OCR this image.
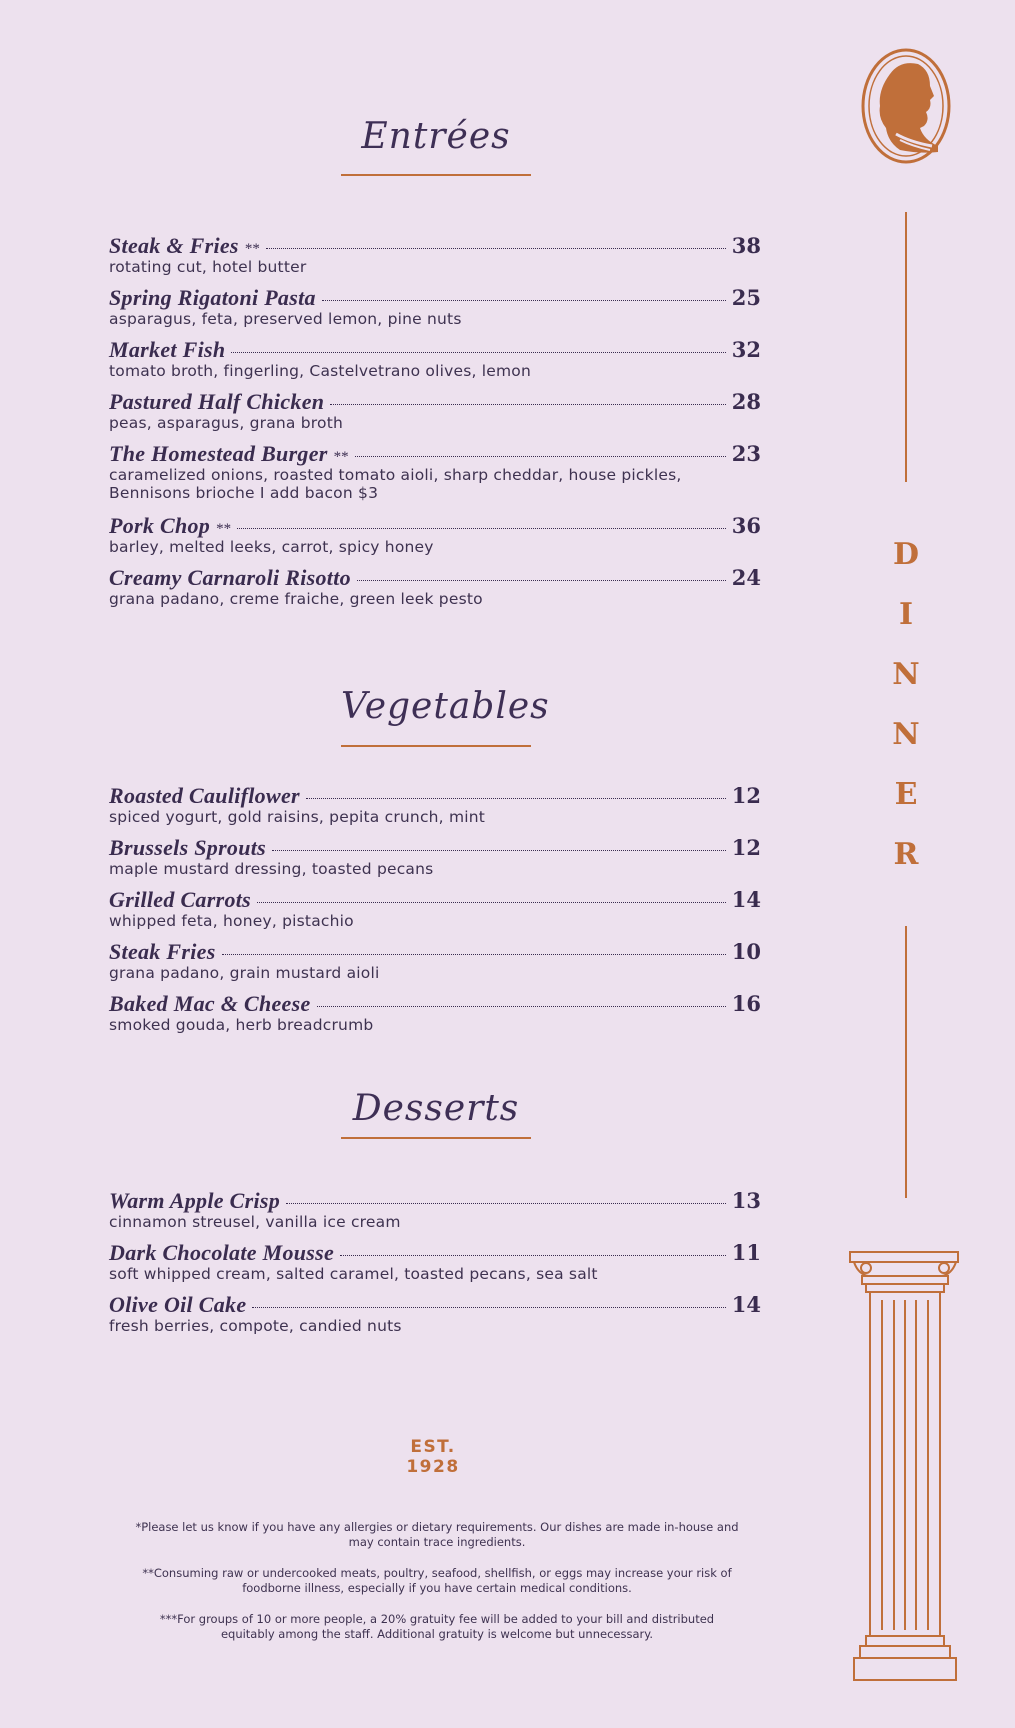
D
I
N
N
E
R
Entrées
Steak & Fries **	38
rotating cut, hotel butter
Spring Rigatoni Pasta	25
asparagus, feta, preserved lemon, pine nuts
Market Fish	32
tomato broth, fingerling, Castelvetrano olives, lemon
Pastured Half Chicken	28
peas, asparagus, grana broth
The Homestead Burger **	23
caramelized onions, roasted tomato aioli, sharp cheddar, house pickles,
Bennisons brioche I add bacon $3
Pork Chop **	36
barley, melted leeks, carrot, spicy honey
Creamy Carnaroli Risotto	24
grana padano, creme fraiche, green leek pesto
Vegetables
Roasted Cauliflower	12
spiced yogurt, gold raisins, pepita crunch, mint
Brussels Sprouts	12
maple mustard dressing, toasted pecans
Grilled Carrots	14
whipped feta, honey, pistachio
Steak Fries	10
grana padano, grain mustard aioli
Baked Mac & Cheese	16
smoked gouda, herb breadcrumb
Desserts
Warm Apple Crisp	13
cinnamon streusel, vanilla ice cream
Dark Chocolate Mousse	11
soft whipped cream, salted caramel, toasted pecans, sea salt
Olive Oil Cake	14
fresh berries, compote, candied nuts
EST. 1928
*Please let us know if you have any allergies or dietary requirements. Our dishes are made in-house and
may contain trace ingredients.
**Consuming raw or undercooked meats, poultry, seafood, shellfish, or eggs may increase your risk of
foodborne illness, especially if you have certain medical conditions.
***For groups of 10 or more people, a 20% gratuity fee will be added to your bill and distributed
equitably among the staff. Additional gratuity is welcome but unnecessary.
